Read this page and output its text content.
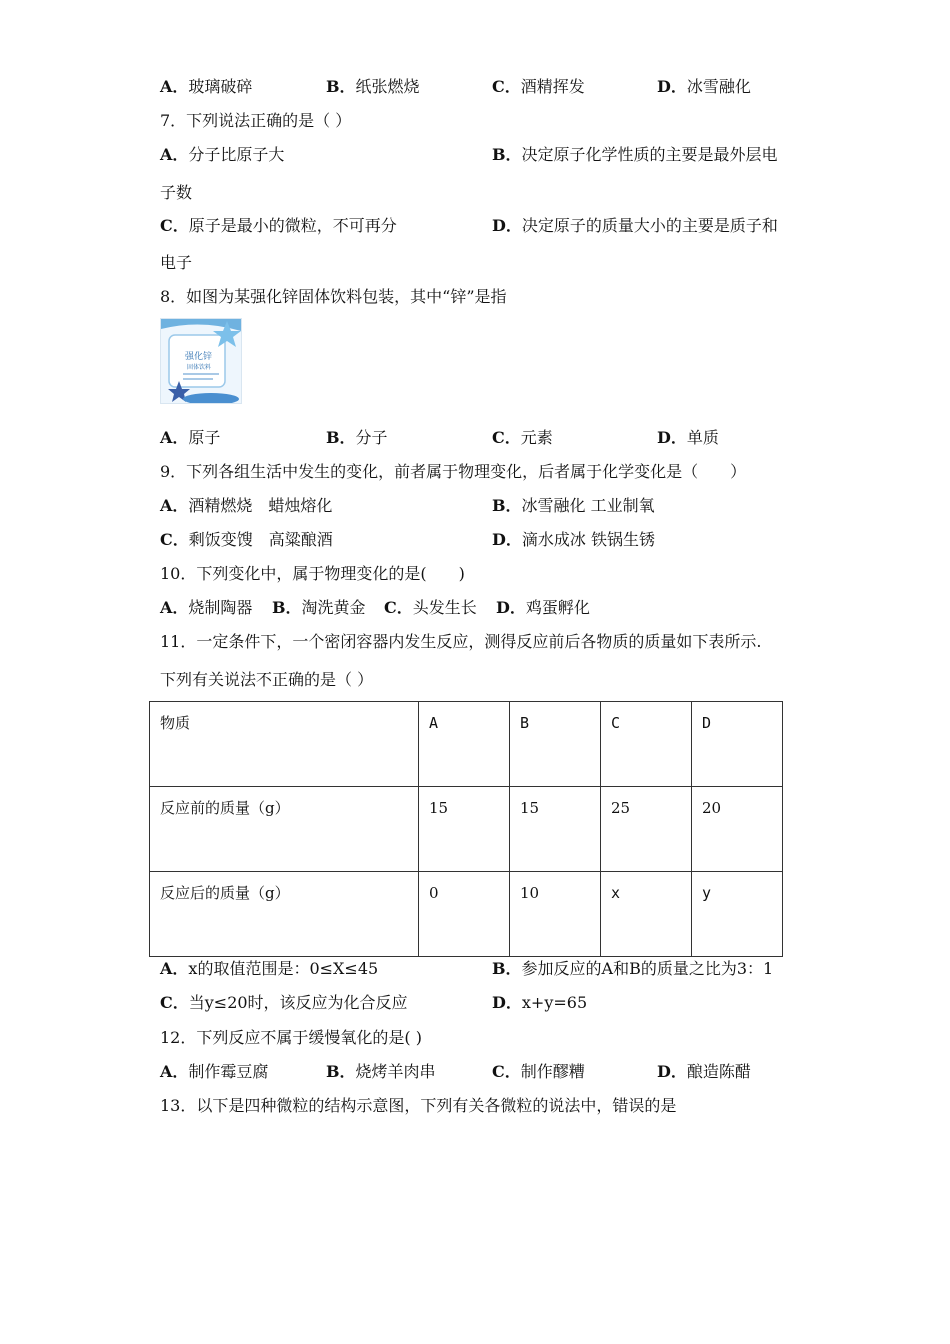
A．玻璃破碎	B．纸张燃烧	C．酒精挥发	D．冰雪融化
7．下列说法正确的是（ ）
A．分子比原子大	B．决定原子化学性质的主要是最外层电
子数
C．原子是最小的微粒，不可再分	D．决定原子的质量大小的主要是质子和
电子
8．如图为某强化锌固体饮料包装，其中“锌”是指
强化锌
固体饮料
A．原子	B．分子	C．元素	D．单质
9．下列各组生活中发生的变化，前者属于物理变化，后者属于化学变化是（　　）
A．酒精燃烧　蜡烛熔化	B．冰雪融化 工业制氧
C．剩饭变馊　高粱酿酒	D．滴水成冰 铁锅生锈
10．下列变化中，属于物理变化的是(　　)
A．烧制陶器 B．淘洗黄金 C．头发生长 D．鸡蛋孵化
11．一定条件下，一个密闭容器内发生反应，测得反应前后各物质的质量如下表所示.
下列有关说法不正确的是（ ）
物质	A	B	C	D
反应前的质量（g）	15	15	25	20
反应后的质量（g）	0	10	x	y
A．x的取值范围是：0≤X≤45	B．参加反应的A和B的质量之比为3：1
C．当y≤20时，该反应为化合反应	D．x+y=65
12．下列反应不属于缓慢氧化的是( )
A．制作霉豆腐	B．烧烤羊肉串	C．制作醪糟	D．酿造陈醋
13．以下是四种微粒的结构示意图，下列有关各微粒的说法中，错误的是
